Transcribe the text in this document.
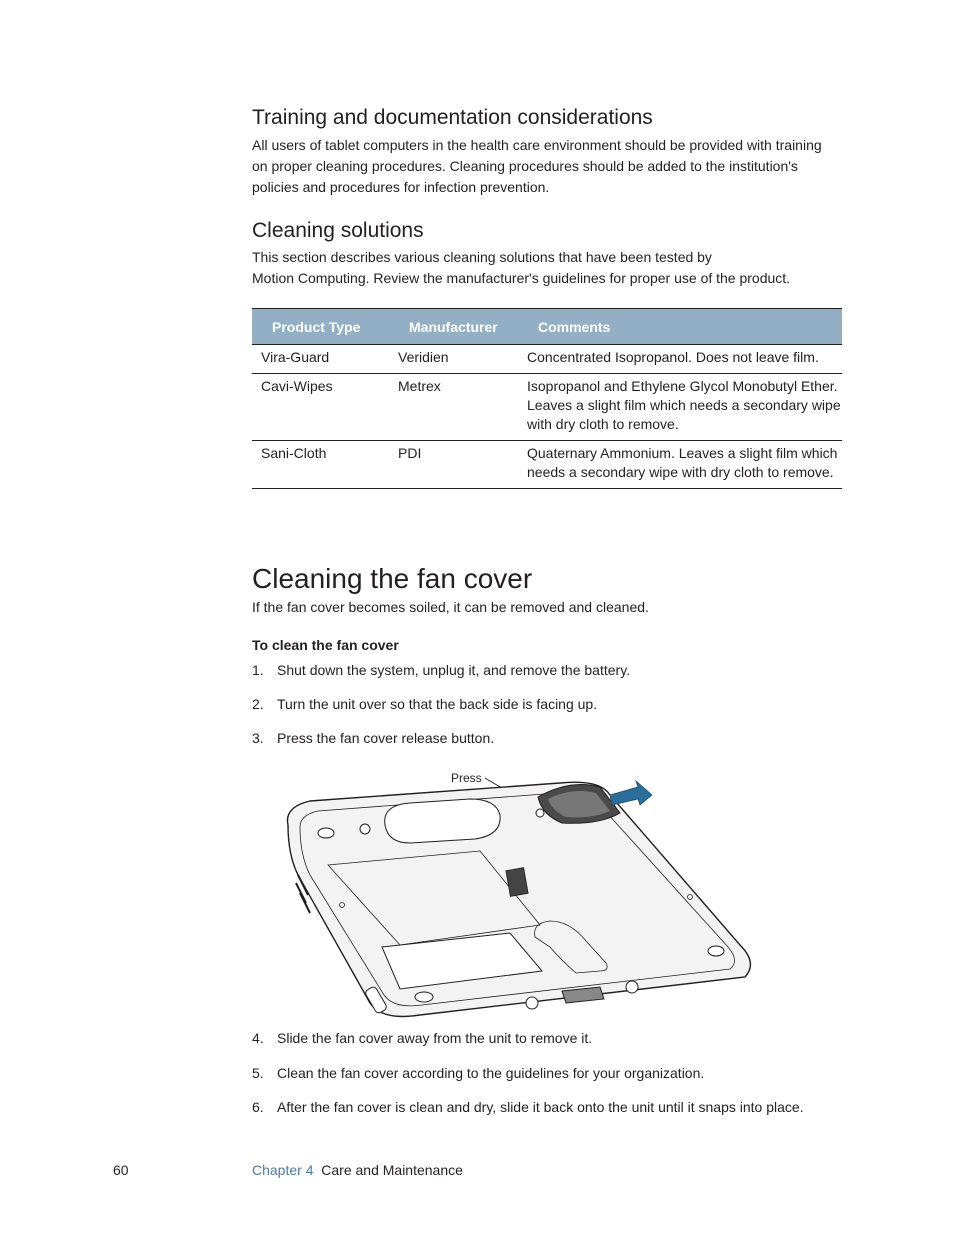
Training and documentation considerations

All users of tablet computers in the health care environment should be provided with training on proper cleaning procedures. Cleaning procedures should be added to the institution's policies and procedures for infection prevention.

Cleaning solutions
This section describes various cleaning solutions that have been tested by
Motion Computing. Review the manufacturer's guidelines for proper use of the product.
Product Type	Manufacturer	Comments
Vira-Guard	Veridien	Concentrated Isopropanol. Does not leave film.
Cavi-Wipes	Metrex	Isopropanol and Ethylene Glycol Monobutyl Ether. Leaves a slight film which needs a secondary wipe with dry cloth to remove.
Sani-Cloth	PDI	Quaternary Ammonium. Leaves a slight film which needs a secondary wipe with dry cloth to remove.
Cleaning the fan cover
If the fan cover becomes soiled, it can be removed and cleaned.
To clean the fan cover
1. Shut down the system, unplug it, and remove the battery.
2. Turn the unit over so that the back side is facing up.
3. Press the fan cover release button.
Press
4. Slide the fan cover away from the unit to remove it.
5. Clean the fan cover according to the guidelines for your organization.
6. After the fan cover is clean and dry, slide it back onto the unit until it snaps into place.
60	Chapter 4 Care and Maintenance
